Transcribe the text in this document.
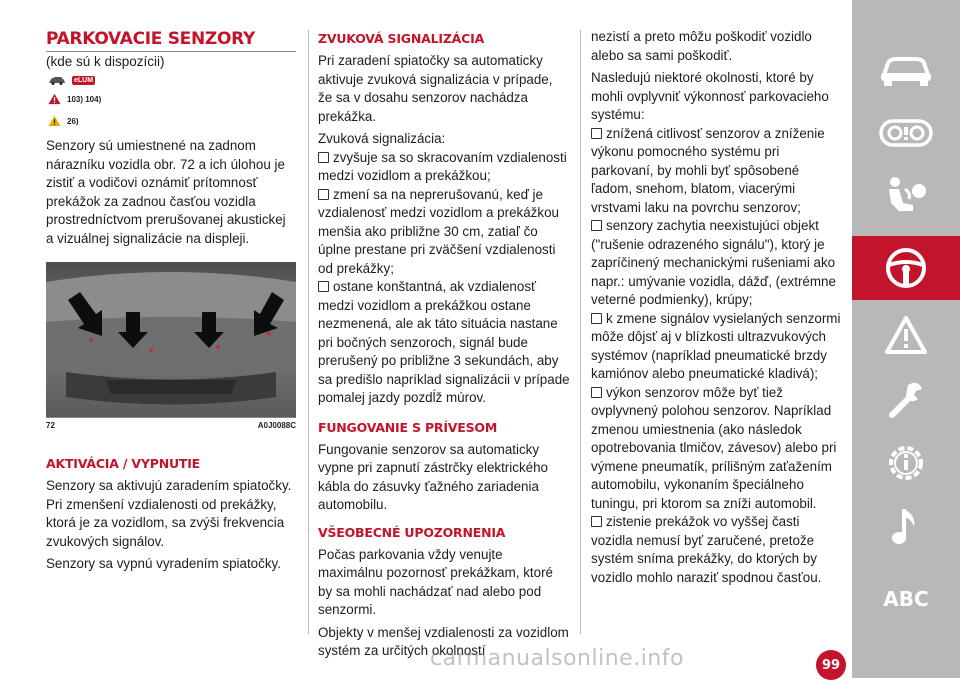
PARKOVACIE SENZORY
(kde sú k dispozícii)
eLUM
103) 104)
26)

Senzory sú umiestnené na zadnom nárazníku vozidla obr. 72 a ich úlohou je zistiť a vodičovi oznámiť prítomnosť prekážok za zadnou časťou vozidla prostredníctvom prerušovanej akustickej a vizuálnej signalizácie na displeji.

72	A0J0088C
AKTIVÁCIA / VYPNUTIE

Senzory sa aktivujú zaradením spiatočky. Pri zmenšení vzdialenosti od prekážky, ktorá je za vozidlom, sa zvýši frekvencia zvukových signálov.

Senzory sa vypnú vyradením spiatočky.

ZVUKOVÁ SIGNALIZÁCIA

Pri zaradení spiatočky sa automaticky aktivuje zvuková signalizácia v prípade, že sa v dosahu senzorov nachádza prekážka.

Zvuková signalizácia:

zvyšuje sa so skracovaním vzdialenosti medzi vozidlom a prekážkou;
zmení sa na neprerušovanú, keď je vzdialenosť medzi vozidlom a prekážkou menšia ako približne 30 cm, zatiaľ čo úplne prestane pri zväčšení vzdialenosti od prekážky;
ostane konštantná, ak vzdialenosť medzi vozidlom a prekážkou ostane nezmenená, ale ak táto situácia nastane pri bočných senzoroch, signál bude prerušený po približne 3 sekundách, aby sa predišlo napríklad signalizácii v prípade pomalej jazdy pozdĺž múrov.
FUNGOVANIE S PRÍVESOM

Fungovanie senzorov sa automaticky vypne pri zapnutí zástrčky elektrického kábla do zásuvky ťažného zariadenia automobilu.

VŠEOBECNÉ UPOZORNENIA

Počas parkovania vždy venujte maximálnu pozornosť prekážkam, ktoré by sa mohli nachádzať nad alebo pod senzormi.

Objekty v menšej vzdialenosti za vozidlom systém za určitých okolností

nezistí a preto môžu poškodiť vozidlo alebo sa sami poškodiť.

Nasledujú niektoré okolnosti, ktoré by mohli ovplyvniť výkonnosť parkovacieho systému:

znížená citlivosť senzorov a zníženie výkonu pomocného systému pri parkovaní, by mohli byť spôsobené ľadom, snehom, blatom, viacerými vrstvami laku na povrchu senzorov;
senzory zachytia neexistujúci objekt ("rušenie odrazeného signálu"), ktorý je zapríčinený mechanickými rušeniami ako napr.: umývanie vozidla, dážď, (extrémne veterné podmienky), krúpy;
k zmene signálov vysielaných senzormi môže dôjsť aj v blízkosti ultrazvukových systémov (napríklad pneumatické brzdy kamiónov alebo pneumatické kladivá);
výkon senzorov môže byť tiež ovplyvnený polohou senzorov. Napríklad zmenou umiestnenia (ako následok opotrebovania tlmičov, závesov) alebo pri výmene pneumatík, prílišným zaťažením automobilu, vykonaním špeciálneho tuningu, pri ktorom sa zníži automobil.
zistenie prekážok vo vyššej časti vozidla nemusí byť zaručené, pretože systém sníma prekážky, do ktorých by vozidlo mohlo naraziť spodnou časťou.
ABC
carmanualsonline.info	99
